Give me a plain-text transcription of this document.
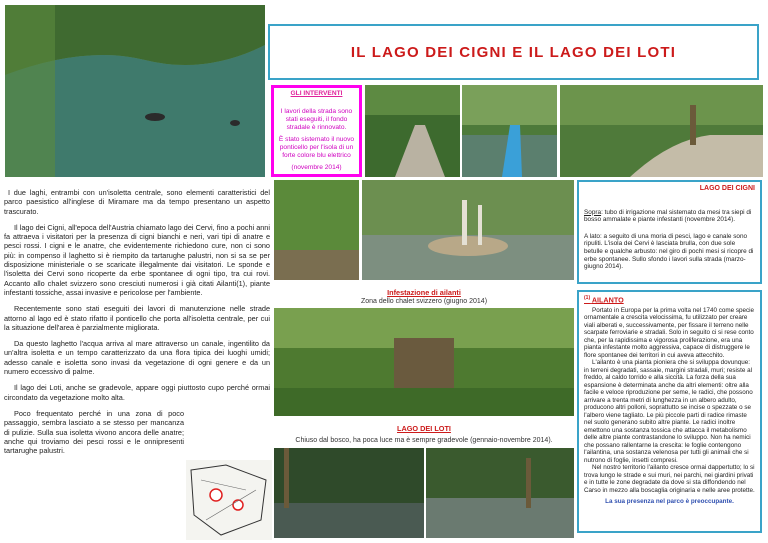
IL LAGO DEI CIGNI E IL LAGO DEI LOTI
GLI INTERVENTI

I lavori della strada sono stati eseguiti, il fondo stradale è rinnovato.

È stato sistemato il nuovo ponticello per l'isola di un forte colore blu elettrico

(novembre 2014)

I due laghi, entrambi con un'isoletta centrale, sono elementi caratteristici del parco paesistico all'inglese di Miramare ma da tempo presentano un aspetto trascurato.

Il lago dei Cigni, all'epoca dell'Austria chiamato lago dei Cervi, fino a pochi anni fa attraeva i visitatori per la presenza di cigni bianchi e neri, vari tipi di anatre e pesci rossi. I cigni e le anatre, che evidentemente richiedono cure, non ci sono più: in compenso il laghetto si è riempito da tartarughe palustri, non si sa se per disposizione ministeriale o se scaricate illegalmente dai visitatori. Le sponde e l'isoletta dei Cervi sono ricoperte da erbe spontanee di ogni tipo, tra cui rovi. Accanto allo chalet svizzero sono cresciuti numerosi i già citati Ailanti(1), piante infestanti tossiche, assai invasive e pericolose per l'ambiente.

Recentemente sono stati eseguiti dei lavori di manutenzione nelle strade attorno al lago ed è stato rifatto il ponticello che porta all'isoletta centrale, per cui la situazione dell'area è parzialmente migliorata.

Da questo laghetto l'acqua arriva al mare attraverso un canale, ingentilito da un'altra isoletta e un tempo caratterizzato da una flora tipica dei luoghi umidi; adesso canale e isoletta sono invasi da vegetazione di ogni genere e da un numero eccessivo di palme.

Il lago dei Loti, anche se gradevole, appare oggi piuttosto cupo perché ormai circondato da vegetazione molto alta.

Poco frequentato perché in una zona di poco passaggio, sembra lasciato a se stesso per mancanza di pulizie. Sulla sua isoletta vivono ancora delle anatre; anche qui troviamo dei pesci rossi e le onnipresenti tartarughe palustri.

LAGO DEI CIGNI

Sopra: tubo di irrigazione mal sistemato da mesi tra siepi di bosso ammalate e piante infestanti (novembre 2014).

A lato: a seguito di una moria di pesci, lago e canale sono ripuliti. L'isola dei Cervi è lasciata brulla, con due sole betulle e qualche arbusto: nel giro di pochi mesi si ricopre di erbe spontanee. Sullo sfondo i lavori sulla strada (marzo-giugno 2014).

Infestazione di ailanti
Zona dello chalet svizzero (giugno 2014)
LAGO DEI LOTI
Chiuso dal bosco, ha poca luce ma è sempre gradevole (gennaio-novembre 2014).
$^{(1)}$ AILANTO

Portato in Europa per la prima volta nel 1740 come specie ornamentale a crescita velocissima, fu utilizzato per creare viali alberati e, successivamente, per fissare il terreno nelle scarpate ferroviarie e stradali. Solo in seguito ci si rese conto che, per la rapidissima e vigorosa proliferazione, era una pianta infestante molto aggressiva, capace di distruggere le flore spontanee dei territori in cui aveva attecchito.

L'ailanto è una pianta pioniera che si sviluppa dovunque: in terreni degradati, sassaie, margini stradali, muri; resiste al freddo, al caldo torrido e alla siccità. La forza della sua espansione è determinata anche da altri elementi: oltre alla facile e veloce riproduzione per seme, le radici, che possono arrivare a trenta metri di lunghezza in un albero adulto, producono altri polloni, soprattutto se incise o spezzate o se l'albero viene tagliato. Le più piccole parti di radice rimaste nel suolo generano subito altre piante. Le radici inoltre emettono una sostanza tossica che attacca il metabolismo delle altre piante contrastandone lo sviluppo. Non ha nemici che possano rallentarne la crescita: le foglie contengono l'ailantina, una sostanza velenosa per tutti gli animali che si nutrono di foglie, insetti compresi.

Nel nostro territorio l'ailanto cresce ormai dappertutto; lo si trova lungo le strade e sui muri, nei parchi, nei giardini privati e in tutte le zone degradate da dove si sta diffondendo nel Carso in mezzo alla boscaglia originaria e nelle aree protette.

La sua presenza nel parco è preoccupante.
